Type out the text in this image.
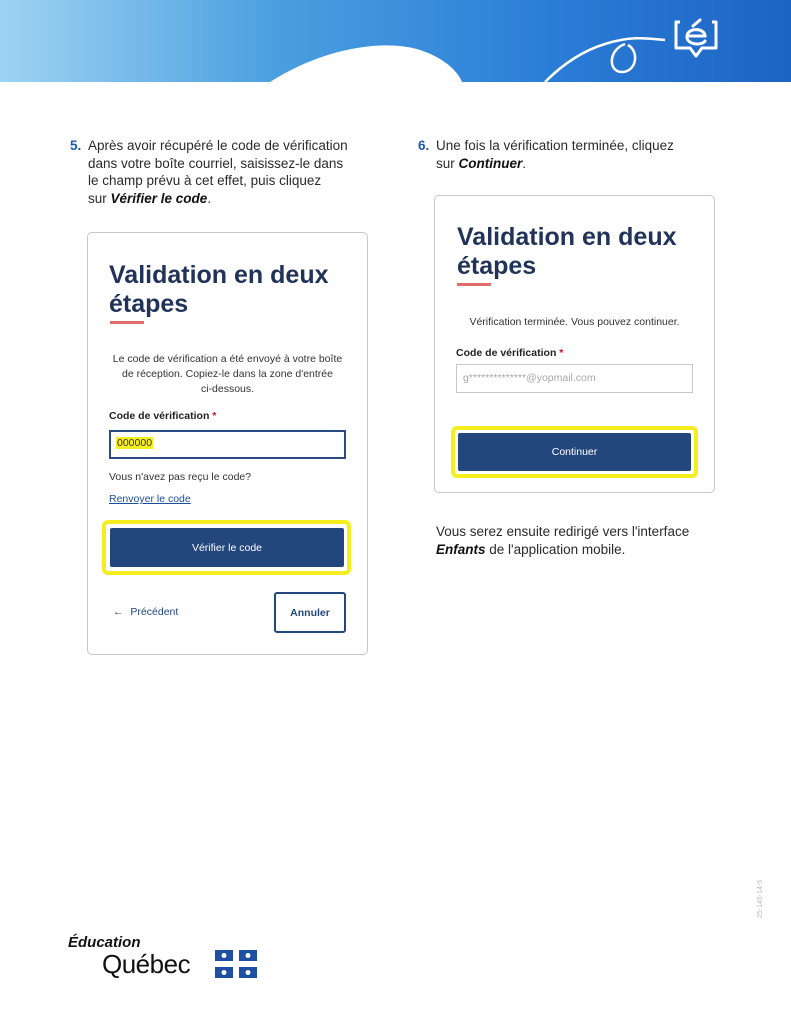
5. Après avoir récupéré le code de vérification
dans votre boîte courriel, saisissez-le dans
le champ prévu à cet effet, puis cliquez
sur Vérifier le code.
6. Une fois la vérification terminée, cliquez
sur Continuer.
Validation en deux
étapes
Le code de vérification a été envoyé à votre boîte
de réception. Copiez-le dans la zone d'entrée
ci-dessous.
Code de vérification *
000000
Vous n'avez pas reçu le code?
Renvoyer le code
Vérifier le code
← Précédent	Annuler
Validation en deux
étapes
Vérification terminée. Vous pouvez continuer.
Code de vérification *
g**************@yopmail.com
Continuer
Vous serez ensuite redirigé vers l'interface
Enfants de l'application mobile.
25-145-14-5
Éducation
Québec
